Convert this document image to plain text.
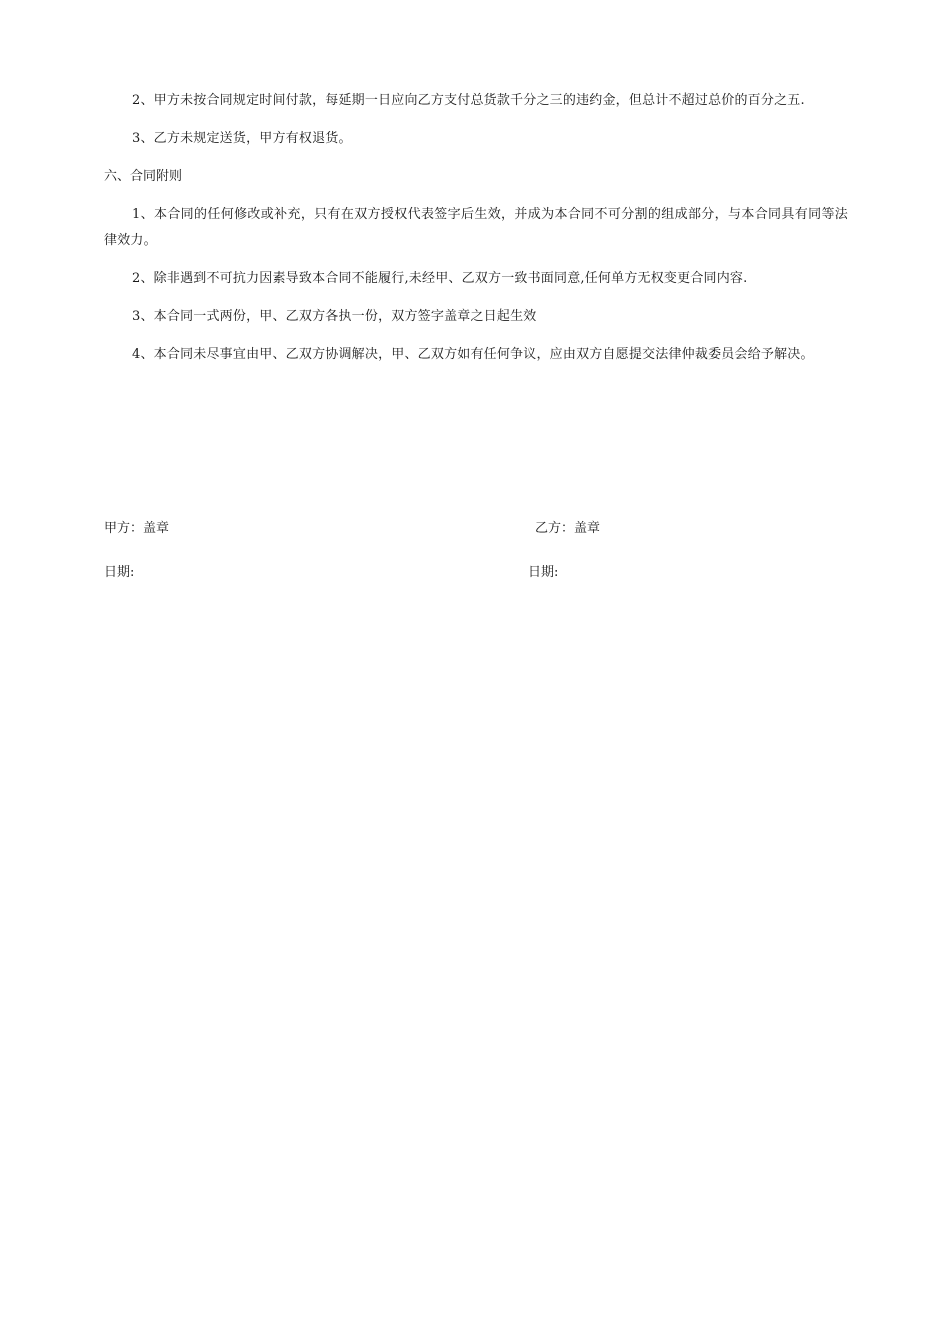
2、甲方未按合同规定时间付款，每延期一日应向乙方支付总货款千分之三的违约金，但总计不超过总价的百分之五.

3、乙方未规定送货，甲方有权退货。

六、合同附则

1、本合同的任何修改或补充，只有在双方授权代表签字后生效，并成为本合同不可分割的组成部分，与本合同具有同等法律效力。

2、除非遇到不可抗力因素导致本合同不能履行,未经甲、乙双方一致书面同意,任何单方无权变更合同内容.

3、本合同一式两份，甲、乙双方各执一份，双方签字盖章之日起生效

4、本合同未尽事宜由甲、乙双方协调解决，甲、乙双方如有任何争议，应由双方自愿提交法律仲裁委员会给予解决。

甲方：盖章	乙方：盖章
日期:	日期:
